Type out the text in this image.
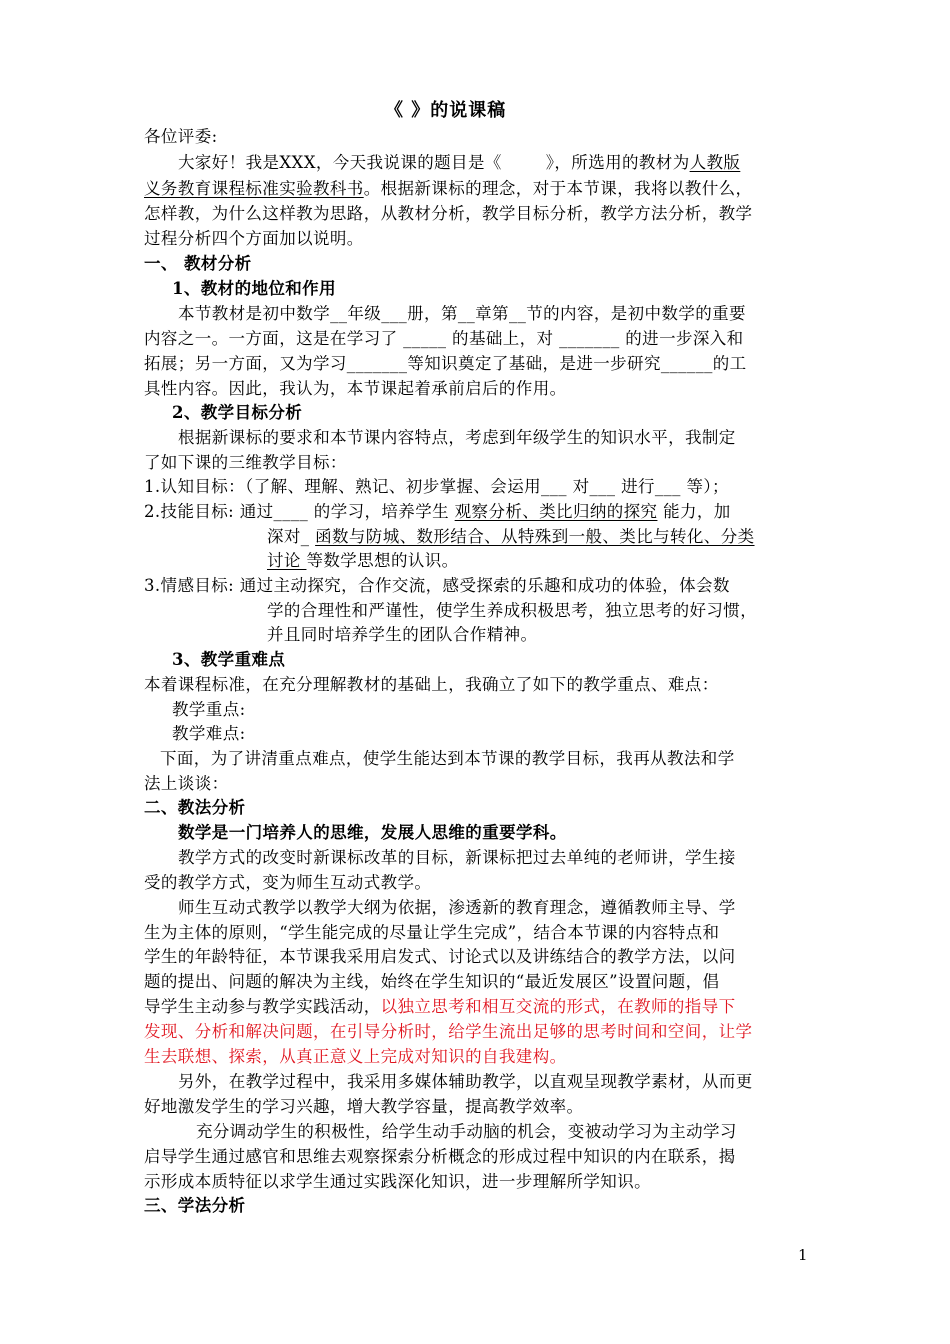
《 》的说课稿
各位评委:
大家好！我是XXX，今天我说课的题目是《	》，所选用的教材为人教版
义务教育课程标准实验教科书。根据新课标的理念，对于本节课，我将以教什么，
怎样教，为什么这样教为思路，从教材分析，教学目标分析，教学方法分析，教学
过程分析四个方面加以说明。
一、 教材分析
1、教材的地位和作用
本节教材是初中数学__年级___册，第__章第__节的内容，是初中数学的重要
内容之一。一方面，这是在学习了 _____ 的基础上，对 _______ 的进一步深入和
拓展；另一方面，又为学习_______等知识奠定了基础，是进一步研究______的工
具性内容。因此，我认为，本节课起着承前启后的作用。
2、教学目标分析
根据新课标的要求和本节课内容特点，考虑到年级学生的知识水平，我制定
了如下课的三维教学目标：
1.认知目标：（了解、理解、熟记、初步掌握、会运用___ 对___ 进行___ 等）；
2.技能目标: 通过____ 的学习，培养学生 观察分析、类比归纳的探究 能力，加
深对_ 函数与防城、数形结合、从特殊到一般、类比与转化、分类
讨论 等数学思想的认识。
3.情感目标: 通过主动探究，合作交流，感受探索的乐趣和成功的体验，体会数
学的合理性和严谨性，使学生养成积极思考，独立思考的好习惯，
并且同时培养学生的团队合作精神。
3、教学重难点
本着课程标准，在充分理解教材的基础上，我确立了如下的教学重点、难点：
教学重点:
教学难点:
下面，为了讲清重点难点，使学生能达到本节课的教学目标，我再从教法和学
法上谈谈：
二、教法分析
数学是一门培养人的思维，发展人思维的重要学科。
教学方式的改变时新课标改革的目标，新课标把过去单纯的老师讲，学生接
受的教学方式，变为师生互动式教学。
师生互动式教学以教学大纲为依据，渗透新的教育理念，遵循教师主导、学
生为主体的原则，“学生能完成的尽量让学生完成”，结合本节课的内容特点和
学生的年龄特征，本节课我采用启发式、讨论式以及讲练结合的教学方法，以问
题的提出、问题的解决为主线，始终在学生知识的“最近发展区”设置问题，倡
导学生主动参与教学实践活动，以独立思考和相互交流的形式，在教师的指导下
发现、分析和解决问题，在引导分析时，给学生流出足够的思考时间和空间，让学
生去联想、探索，从真正意义上完成对知识的自我建构。
另外，在教学过程中，我采用多媒体辅助教学，以直观呈现教学素材，从而更
好地激发学生的学习兴趣，增大教学容量，提高教学效率。
充分调动学生的积极性，给学生动手动脑的机会，变被动学习为主动学习
启导学生通过感官和思维去观察探索分析概念的形成过程中知识的内在联系，揭
示形成本质特征以求学生通过实践深化知识，进一步理解所学知识。
三、学法分析
1
